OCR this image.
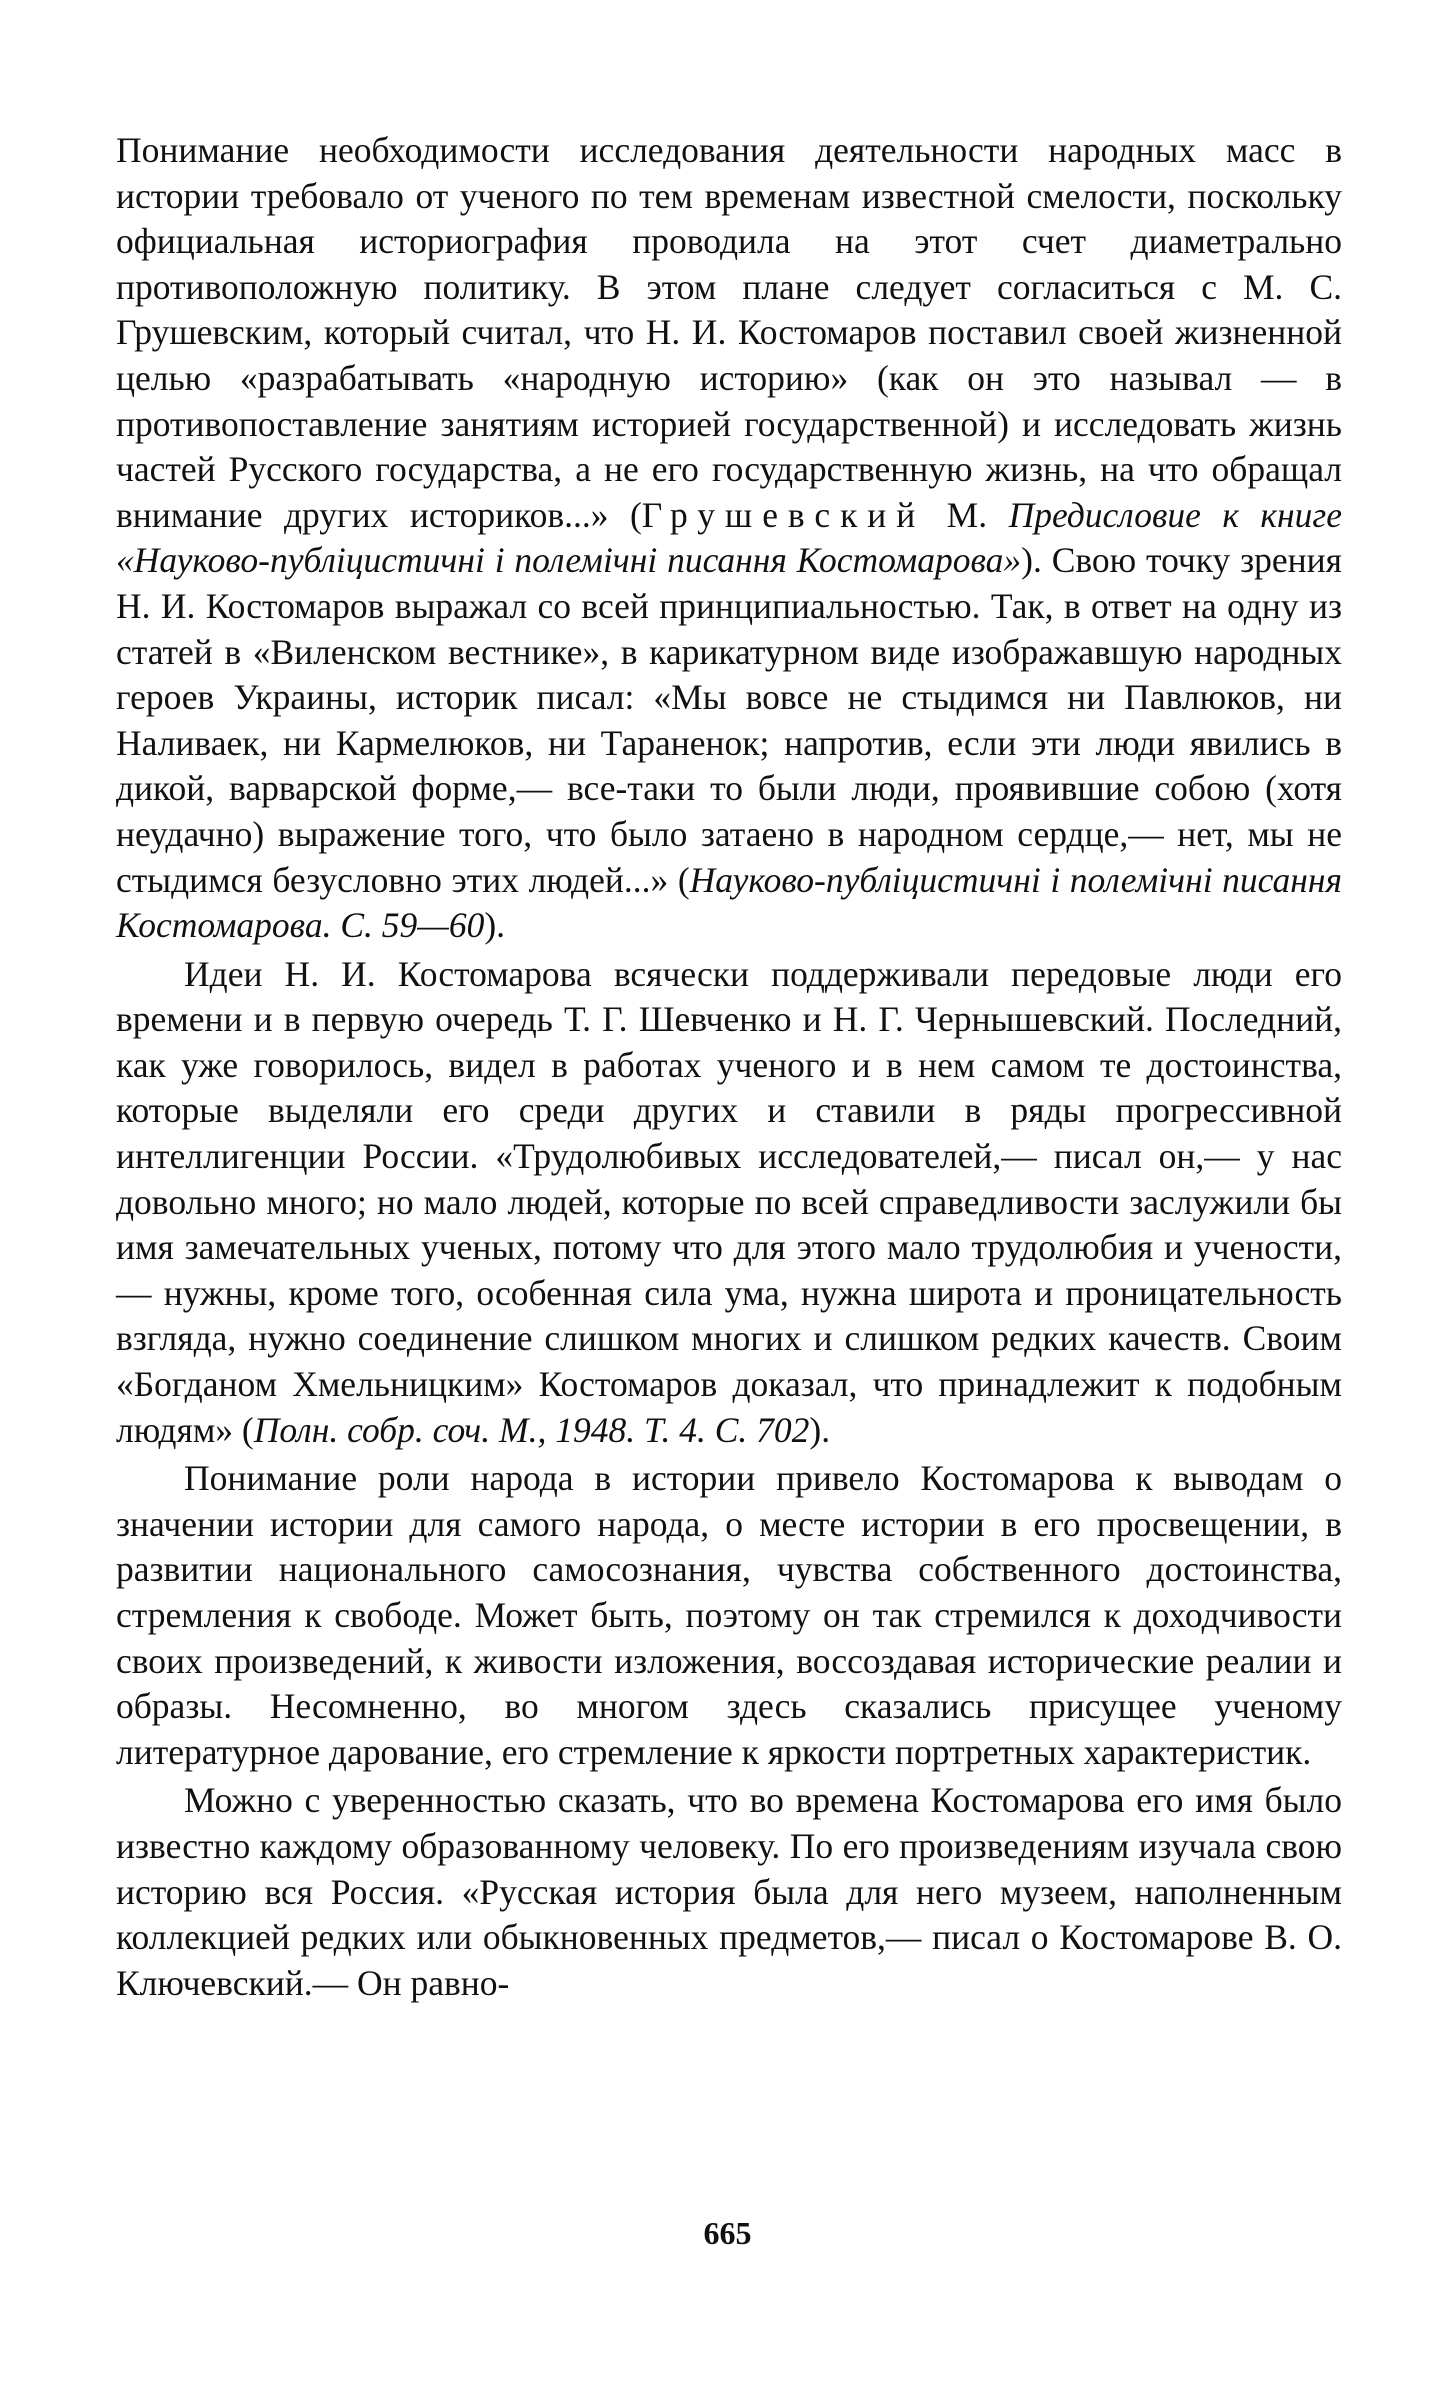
Понимание необходимости исследования деятельности народных масс в истории требовало от ученого по тем временам известной смелости, поскольку официальная историография проводила на этот счет диаметрально противоположную политику. В этом плане следует согласиться с М. С. Грушевским, который считал, что Н. И. Костомаров поставил своей жизненной целью «разрабатывать «народную историю» (как он это называл — в противопоставление занятиям историей государственной) и исследовать жизнь частей Русского государства, а не его государственную жизнь, на что обращал внимание других историков...» (Грушевский М. Предисловие к книге «Науково-публіцистичні і полемічні писання Костомарова»). Свою точку зрения Н. И. Костомаров выражал со всей принципиальностью. Так, в ответ на одну из статей в «Виленском вестнике», в карикатурном виде изображавшую народных героев Украины, историк писал: «Мы вовсе не стыдимся ни Павлюков, ни Наливаек, ни Кармелюков, ни Тараненок; напротив, если эти люди явились в дикой, варварской форме,— все-таки то были люди, проявившие собою (хотя неудачно) выражение того, что было затаено в народном сердце,— нет, мы не стыдимся безусловно этих людей...» (Науково-публіцистичні і полемічні писання Костомарова. С. 59—60).

Идеи Н. И. Костомарова всячески поддерживали передовые люди его времени и в первую очередь Т. Г. Шевченко и Н. Г. Чернышевский. Последний, как уже говорилось, видел в работах ученого и в нем самом те достоинства, которые выделяли его среди других и ставили в ряды прогрессивной интеллигенции России. «Трудолюбивых исследователей,— писал он,— у нас довольно много; но мало людей, которые по всей справедливости заслужили бы имя замечательных ученых, потому что для этого мало трудолюбия и учености,— нужны, кроме того, особенная сила ума, нужна широта и проницательность взгляда, нужно соединение слишком многих и слишком редких качеств. Своим «Богданом Хмельницким» Костомаров доказал, что принадлежит к подобным людям» (Полн. собр. соч. М., 1948. Т. 4. С. 702).

Понимание роли народа в истории привело Костомарова к выводам о значении истории для самого народа, о месте истории в его просвещении, в развитии национального самосознания, чувства собственного достоинства, стремления к свободе. Может быть, поэтому он так стремился к доходчивости своих произведений, к живости изложения, воссоздавая исторические реалии и образы. Несомненно, во многом здесь сказались присущее ученому литературное дарование, его стремление к яркости портретных характеристик.

Можно с уверенностью сказать, что во времена Костомарова его имя было известно каждому образованному человеку. По его произведениям изучала свою историю вся Россия. «Русская история была для него музеем, наполненным коллекцией редких или обыкновенных предметов,— писал о Костомарове В. О. Ключевский.— Он равно-

665
